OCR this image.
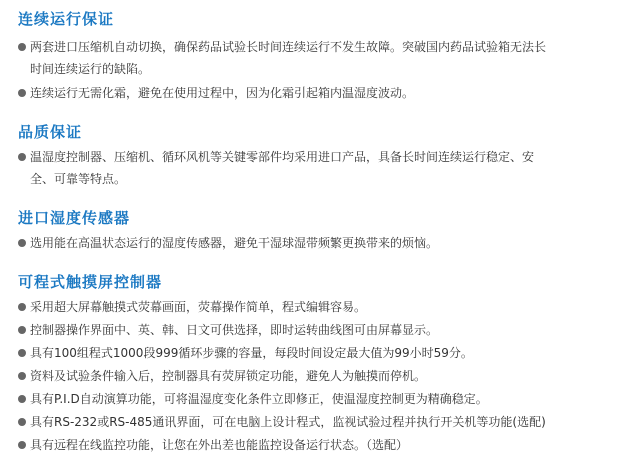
连续运行保证
两套进口压缩机自动切换，确保药品试验长时间连续运行不发生故障。突破国内药品试验箱无法长
时间连续运行的缺陷。
连续运行无需化霜，避免在使用过程中，因为化霜引起箱内温湿度波动。
品质保证
温湿度控制器、压缩机、循环风机等关键零部件均采用进口产品，具备长时间连续运行稳定、安
全、可靠等特点。
进口湿度传感器
选用能在高温状态运行的湿度传感器，避免干湿球湿带频繁更换带来的烦恼。
可程式触摸屏控制器
采用超大屏幕触摸式荧幕画面，荧幕操作简单，程式编辑容易。
控制器操作界面中、英、韩、日文可供选择，即时运转曲线图可由屏幕显示。
具有100组程式1000段999循环步骤的容量，每段时间设定最大值为99小时59分。
资料及试验条件输入后，控制器具有荧屏锁定功能，避免人为触摸而停机。
具有P.I.D自动演算功能，可将温湿度变化条件立即修正，使温湿度控制更为精确稳定。
具有RS-232或RS-485通讯界面，可在电脑上设计程式，监视试验过程并执行开关机等功能(选配)
具有远程在线监控功能，让您在外出差也能监控设备运行状态。（选配）
